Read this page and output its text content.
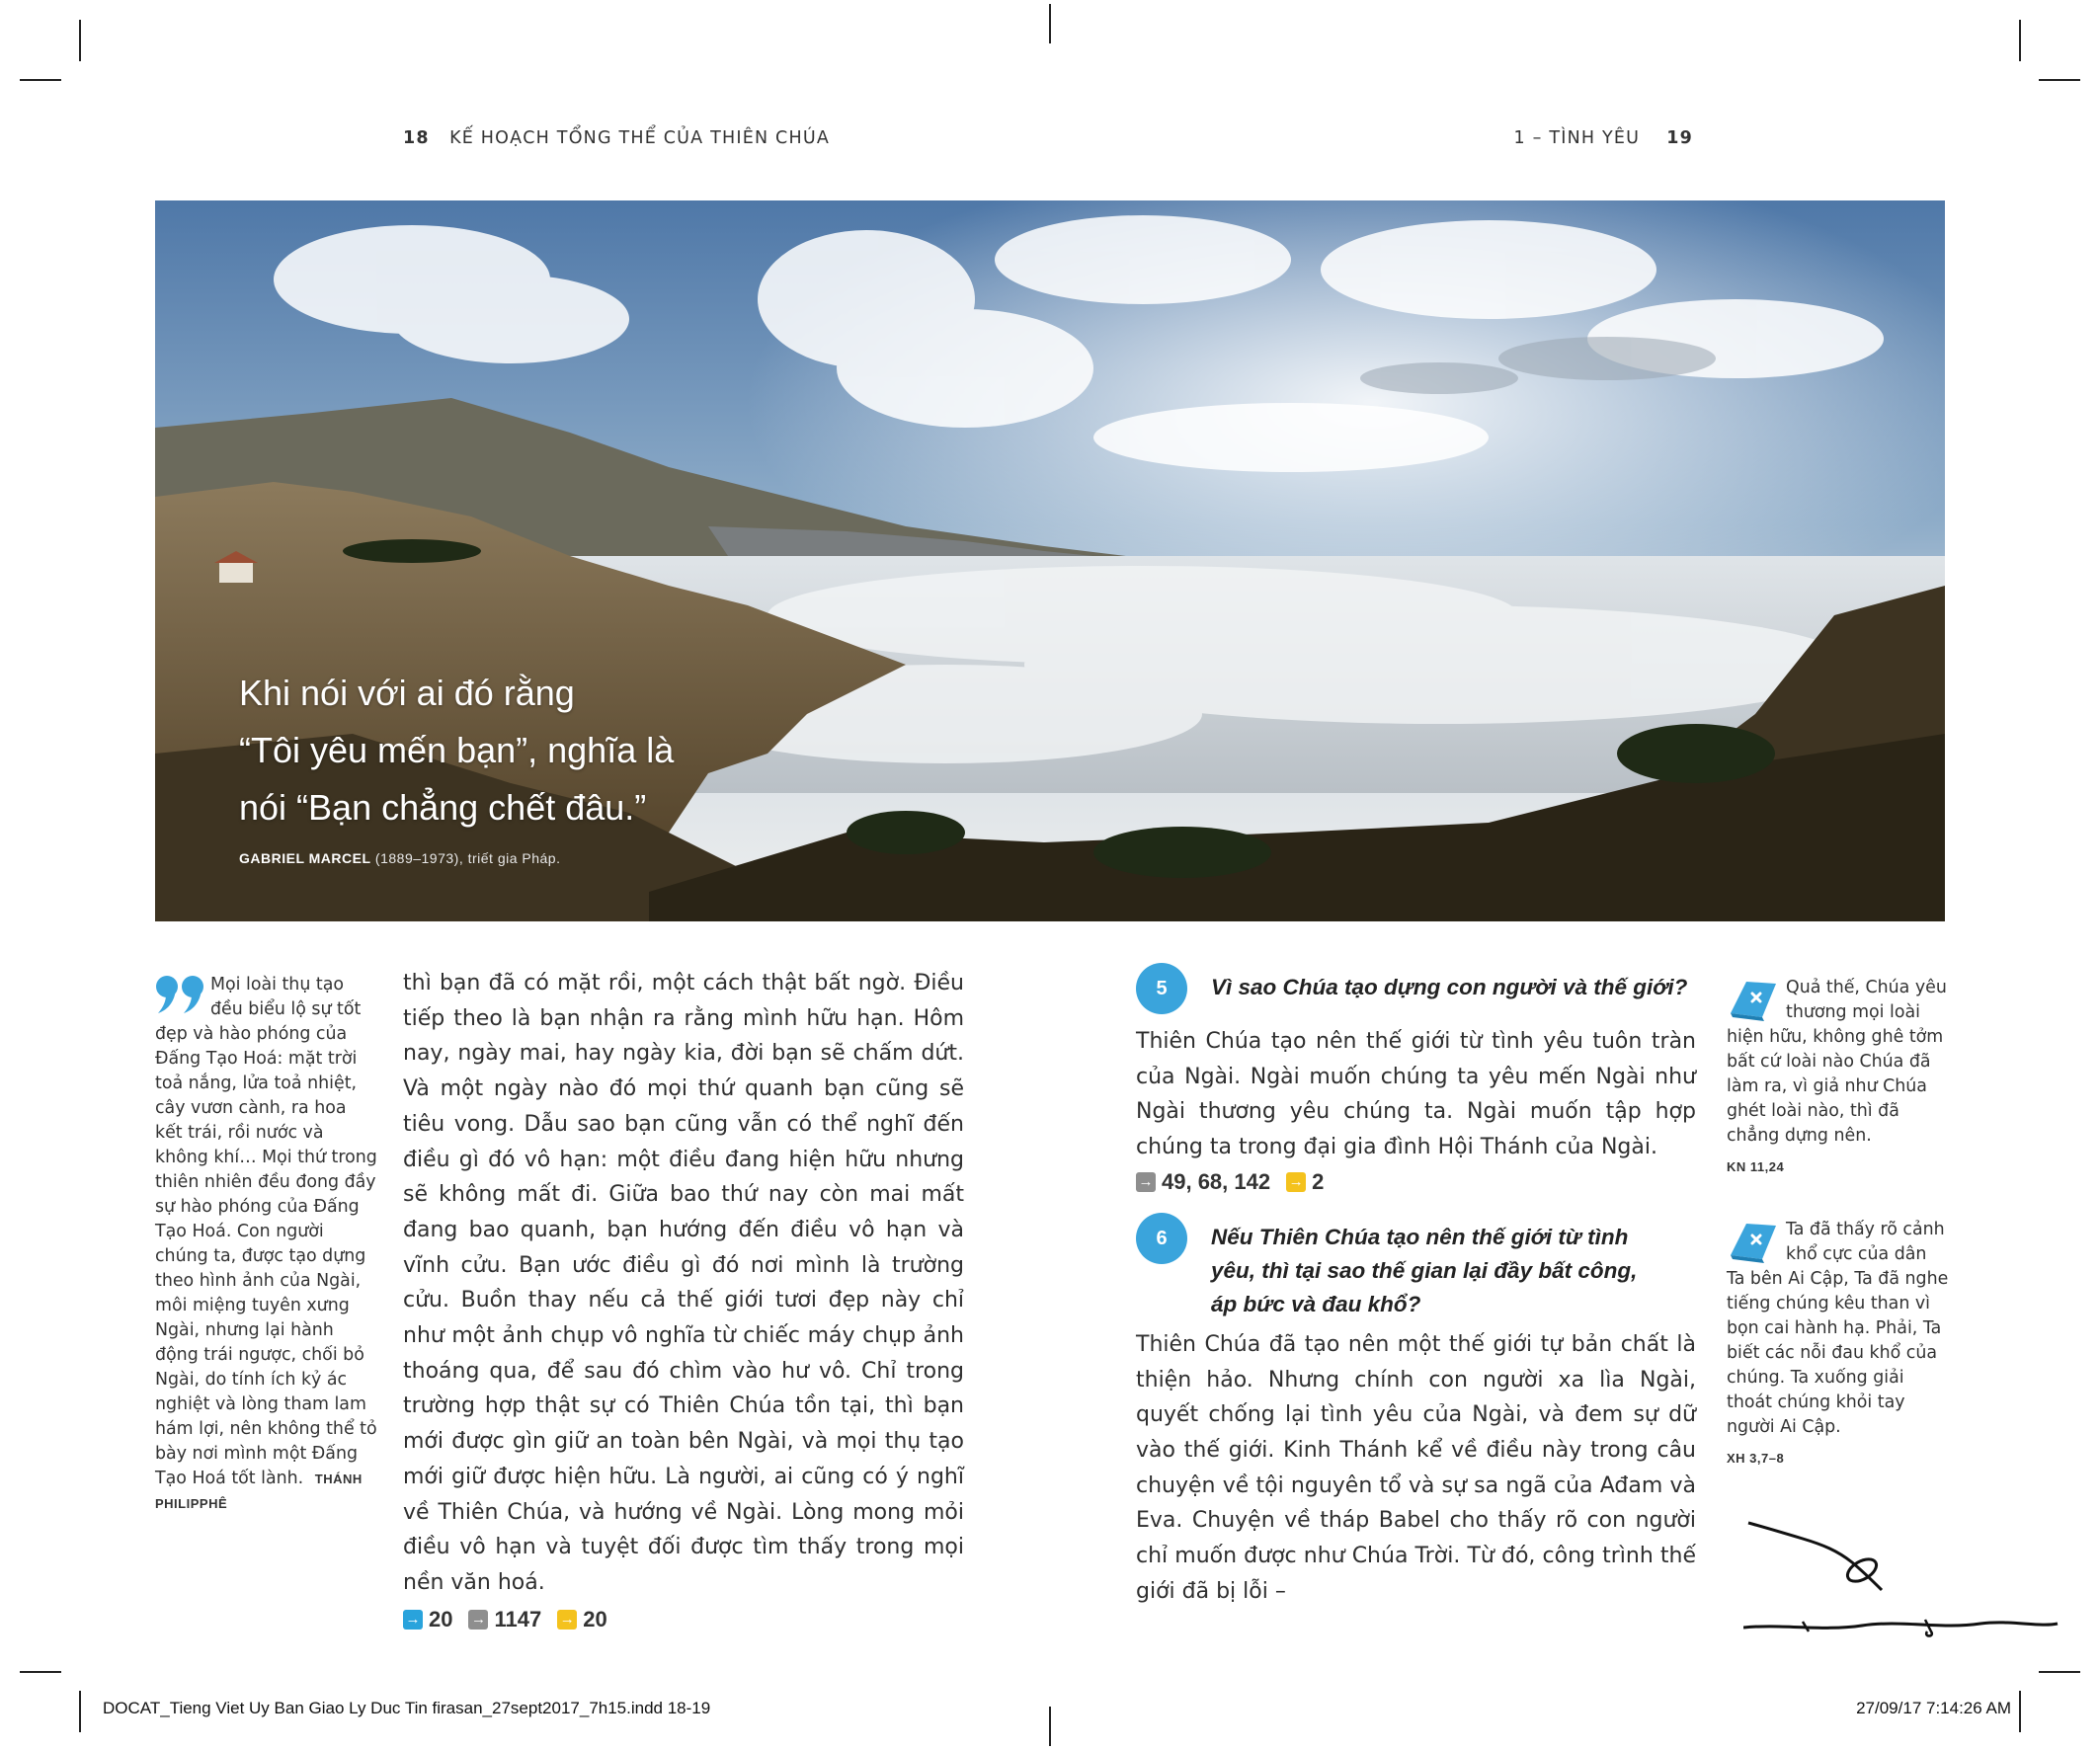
18 KẾ HOẠCH TỔNG THỂ CỦA THIÊN CHÚA	1 – TÌNH YÊU 19
Khi nói với ai đó rằng
“Tôi yêu mến bạn”, nghĩa là
nói “Bạn chẳng chết đâu.”
GABRIEL MARCEL (1889–1973), triết gia Pháp.
Mọi loài thụ tạo đều biểu lộ sự tốt đẹp và hào phóng của Đấng Tạo Hoá: mặt trời toả nắng, lửa toả nhiệt, cây vươn cành, ra hoa kết trái, rồi nước và không khí… Mọi thứ trong thiên nhiên đều đong đầy sự hào phóng của Đấng Tạo Hoá. Con người chúng ta, được tạo dựng theo hình ảnh của Ngài, môi miệng tuyên xưng Ngài, nhưng lại hành động trái ngược, chối bỏ Ngài, do tính ích kỷ ác nghiệt và lòng tham lam hám lợi, nên không thể tỏ bày nơi mình một Đấng Tạo Hoá tốt lành. THÁNH PHILIPPHÊ
thì bạn đã có mặt rồi, một cách thật bất ngờ. Điều tiếp theo là bạn nhận ra rằng mình hữu hạn. Hôm nay, ngày mai, hay ngày kia, đời bạn sẽ chấm dứt. Và một ngày nào đó mọi thứ quanh bạn cũng sẽ tiêu vong. Dẫu sao bạn cũng vẫn có thể nghĩ đến điều gì đó vô hạn: một điều đang hiện hữu nhưng sẽ không mất đi. Giữa bao thứ nay còn mai mất đang bao quanh, bạn hướng đến điều vô hạn và vĩnh cửu. Bạn ước điều gì đó nơi mình là trường cửu. Buồn thay nếu cả thế giới tươi đẹp này chỉ như một ảnh chụp vô nghĩa từ chiếc máy chụp ảnh thoáng qua, để sau đó chìm vào hư vô. Chỉ trong trường hợp thật sự có Thiên Chúa tồn tại, thì bạn mới được gìn giữ an toàn bên Ngài, và mọi thụ tạo mới giữ được hiện hữu. Là người, ai cũng có ý nghĩ về Thiên Chúa, và hướng về Ngài. Lòng mong mỏi điều vô hạn và tuyệt đối được tìm thấy trong mọi nền văn hoá.
→ 20 → 1147 → 20
5	Vì sao Chúa tạo dựng con người và thế giới?
Thiên Chúa tạo nên thế giới từ tình yêu tuôn tràn của Ngài. Ngài muốn chúng ta yêu mến Ngài như Ngài thương yêu chúng ta. Ngài muốn tập hợp chúng ta trong đại gia đình Hội Thánh của Ngài.
→ 49, 68, 142 → 2
6	Nếu Thiên Chúa tạo nên thế giới từ tình
yêu, thì tại sao thế gian lại đầy bất công,
áp bức và đau khổ?
Thiên Chúa đã tạo nên một thế giới tự bản chất là thiện hảo. Nhưng chính con người xa lìa Ngài, quyết chống lại tình yêu của Ngài, và đem sự dữ vào thế giới. Kinh Thánh kể về điều này trong câu chuyện về tội nguyên tổ và sự sa ngã của Ađam và Eva. Chuyện về tháp Babel cho thấy rõ con người chỉ muốn được như Chúa Trời. Từ đó, công trình thế giới đã bị lỗi –
Quả thế, Chúa yêu thương mọi loài hiện hữu, không ghê tởm bất cứ loài nào Chúa đã làm ra, vì giả như Chúa ghét loài nào, thì đã chẳng dựng nên.
KN 11,24
Ta đã thấy rõ cảnh khổ cực của dân Ta bên Ai Cập, Ta đã nghe tiếng chúng kêu than vì bọn cai hành hạ. Phải, Ta biết các nỗi đau khổ của chúng. Ta xuống giải thoát chúng khỏi tay người Ai Cập.
XH 3,7–8
DOCAT_Tieng Viet Uy Ban Giao Ly Duc Tin firasan_27sept2017_7h15.indd 18-19	27/09/17 7:14:26 AM
